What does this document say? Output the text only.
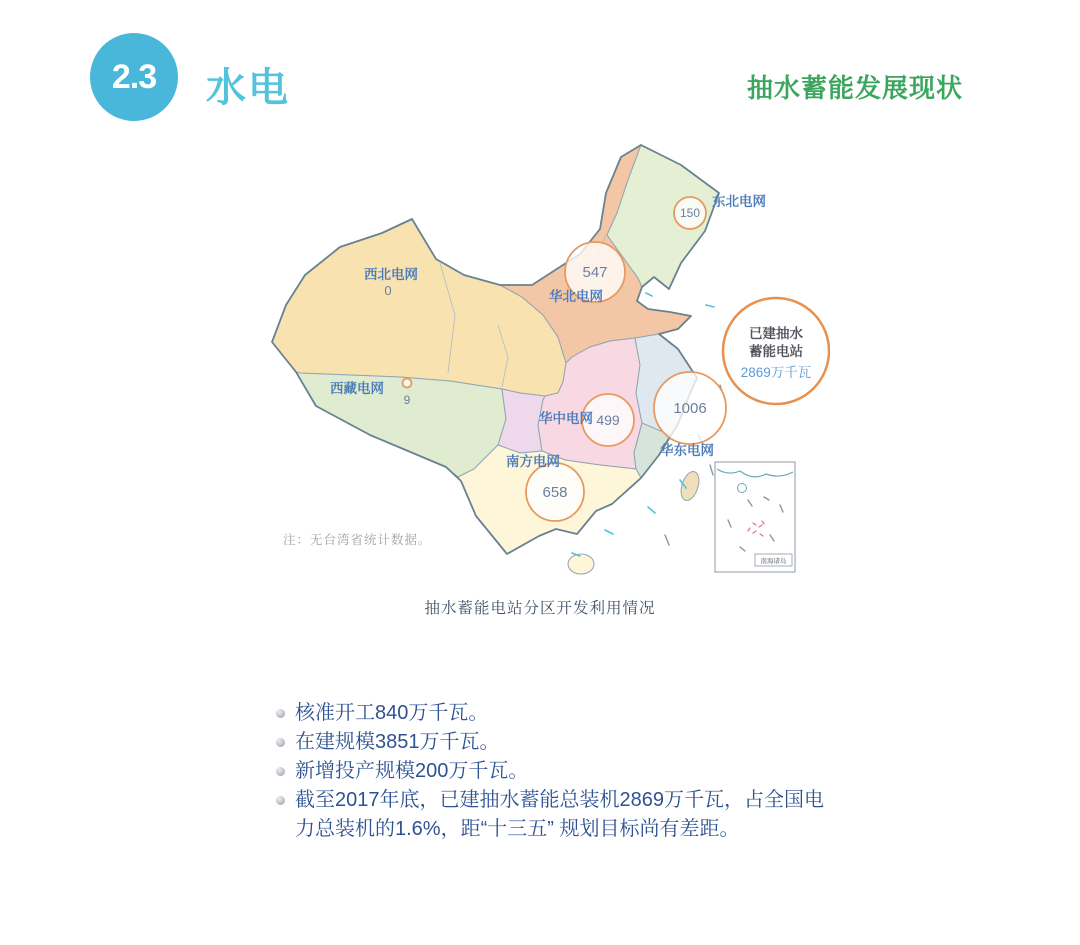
2.3 水电	抽水蓄能发展现状
东北电网
华北电网
西北电网
西藏电网
华中电网
华东电网
南方电网
150
547
0
9
499
1006
658
已建抽水
蓄能电站
2869万千瓦
南海诸岛
注：无台湾省统计数据。
抽水蓄能电站分区开发利用情况
核准开工840万千瓦。
在建规模3851万千瓦。
新增投产规模200万千瓦。
截至2017年底，已建抽水蓄能总装机2869万千瓦，占全国电力总装机的1.6%，距“十三五” 规划目标尚有差距。
